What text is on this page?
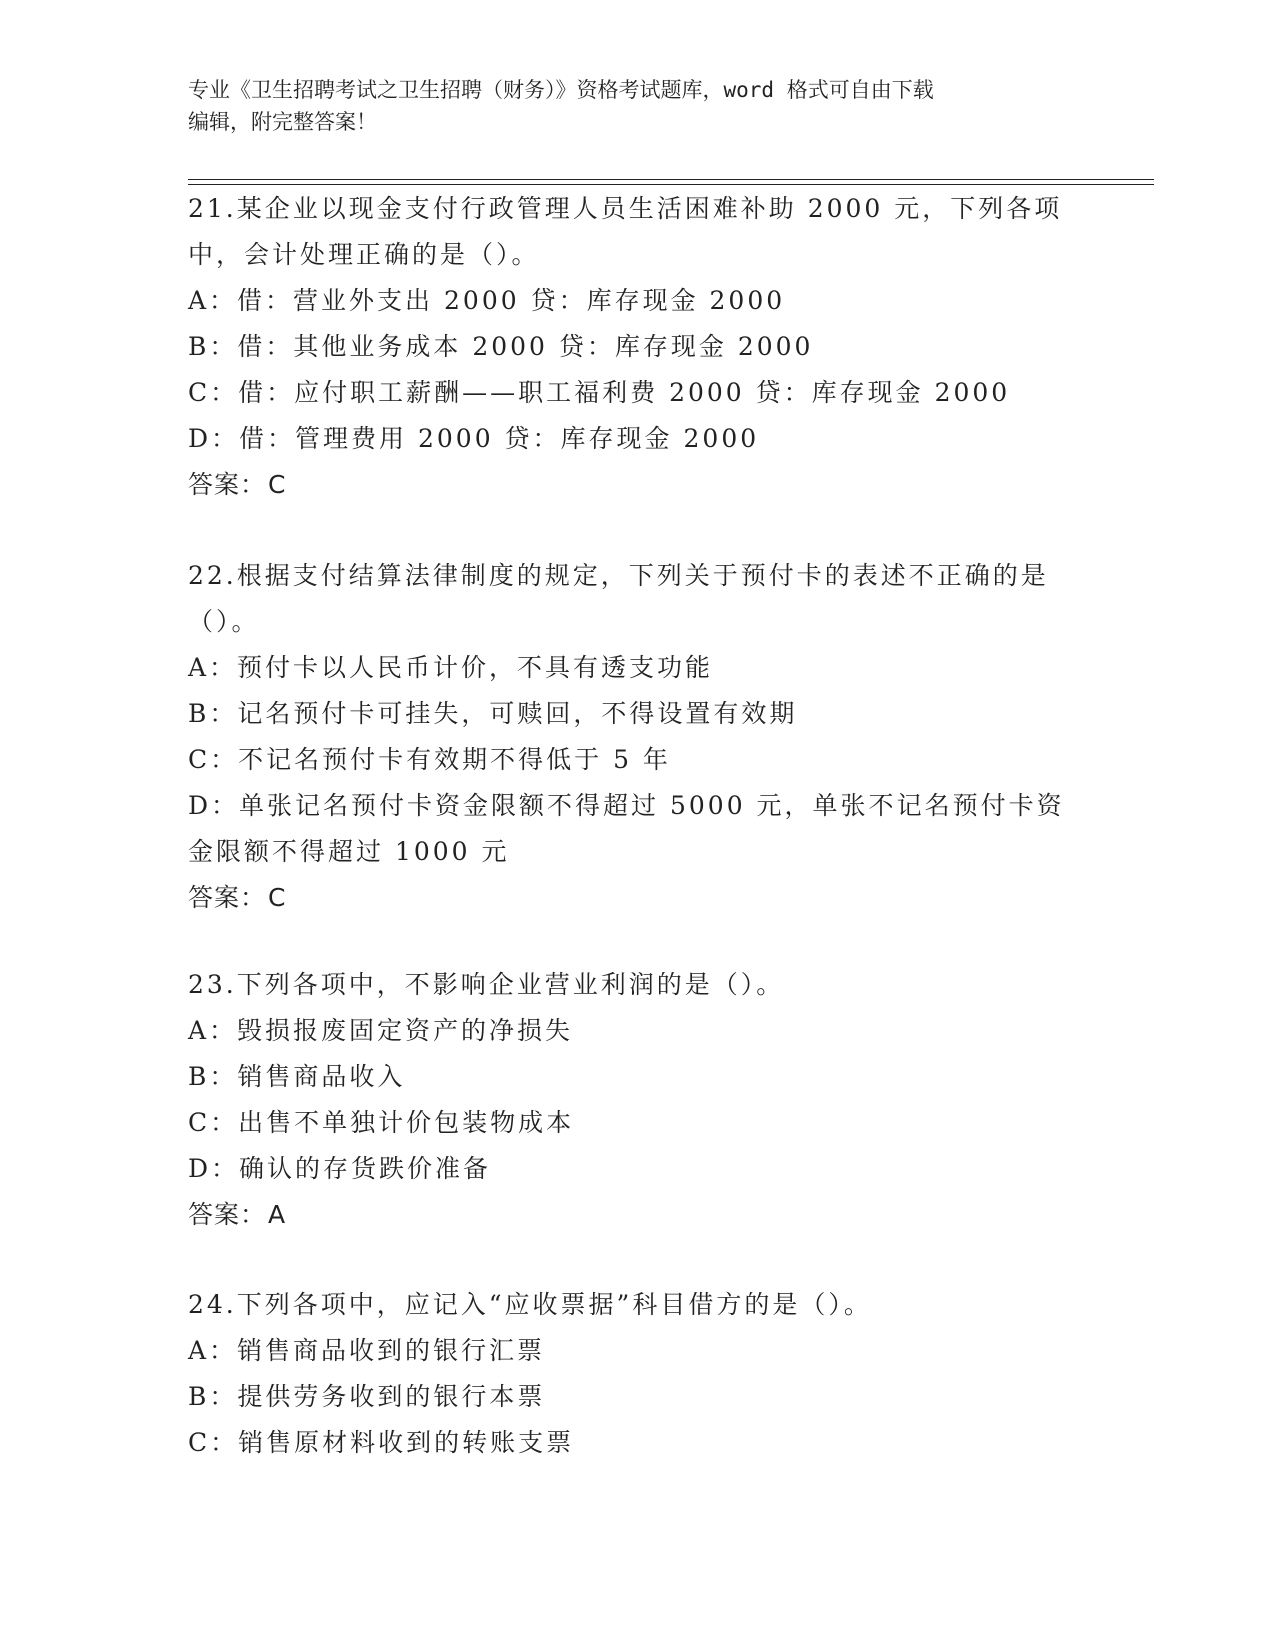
专业《卫生招聘考试之卫生招聘（财务）》资格考试题库，word 格式可自由下载
编辑，附完整答案！
21.某企业以现金支付行政管理人员生活困难补助 2000 元，下列各项
中，会计处理正确的是（）。
A：借：营业外支出 2000 贷：库存现金 2000
B：借：其他业务成本 2000 贷：库存现金 2000
C：借：应付职工薪酬——职工福利费 2000 贷：库存现金 2000
D：借：管理费用 2000 贷：库存现金 2000
答案：C
22.根据支付结算法律制度的规定，下列关于预付卡的表述不正确的是
（）。
A：预付卡以人民币计价，不具有透支功能
B：记名预付卡可挂失，可赎回，不得设置有效期
C：不记名预付卡有效期不得低于 5 年
D：单张记名预付卡资金限额不得超过 5000 元，单张不记名预付卡资
金限额不得超过 1000 元
答案：C
23.下列各项中，不影响企业营业利润的是（）。
A：毁损报废固定资产的净损失
B：销售商品收入
C：出售不单独计价包装物成本
D：确认的存货跌价准备
答案：A
24.下列各项中，应记入“应收票据”科目借方的是（）。
A：销售商品收到的银行汇票
B：提供劳务收到的银行本票
C：销售原材料收到的转账支票
